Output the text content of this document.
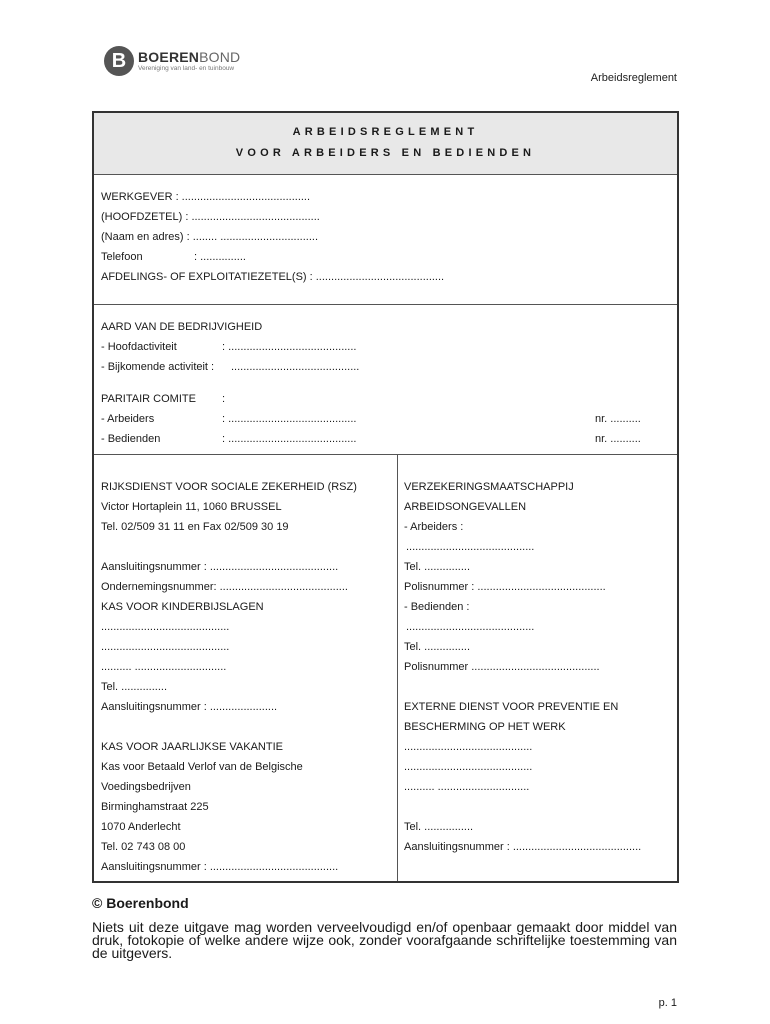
B BOERENBOND
Vereniging van land- en tuinbouw
Arbeidsreglement
ARBEIDSREGLEMENT
VOOR ARBEIDERS EN BEDIENDEN
WERKGEVER : ..........................................
(HOOFDZETEL) : ..........................................
(Naam en adres) : ........ ................................
Telefoon	: ...............
AFDELINGS- OF EXPLOITATIEZETEL(S) : ..........................................
AARD VAN DE BEDRIJVIGHEID
- Hoofdactiviteit	: ..........................................
- Bijkomende activiteit : ..........................................
PARITAIR COMITE :
- Arbeiders	: ..........................................	nr. ..........
- Bedienden	: ..........................................	nr. ..........
RIJKSDIENST VOOR SOCIALE ZEKERHEID (RSZ)
Victor Hortaplein 11, 1060 BRUSSEL
Tel. 02/509 31 11 en Fax 02/509 30 19
Aansluitingsnummer : ..........................................
Ondernemingsnummer: ..........................................
KAS VOOR KINDERBIJSLAGEN
..........................................
..........................................
.......... ..............................
Tel. ...............
Aansluitingsnummer : ......................
KAS VOOR JAARLIJKSE VAKANTIE
Kas voor Betaald Verlof van de Belgische
Voedingsbedrijven
Birminghamstraat 225
1070 Anderlecht
Tel. 02 743 08 00
Aansluitingsnummer : ..........................................
VERZEKERINGSMAATSCHAPPIJ
ARBEIDSONGEVALLEN
- Arbeiders :
..........................................
Tel. ...............
Polisnummer : ..........................................
- Bedienden :
..........................................
Tel. ...............
Polisnummer ..........................................
EXTERNE DIENST VOOR PREVENTIE EN
BESCHERMING OP HET WERK
..........................................
..........................................
.......... ..............................
Tel. ................
Aansluitingsnummer : ..........................................
© Boerenbond
Niets uit deze uitgave mag worden verveelvoudigd en/of openbaar gemaakt door middel van druk, fotokopie of welke andere wijze ook, zonder voorafgaande schriftelijke toestemming van de uitgevers.
p. 1
